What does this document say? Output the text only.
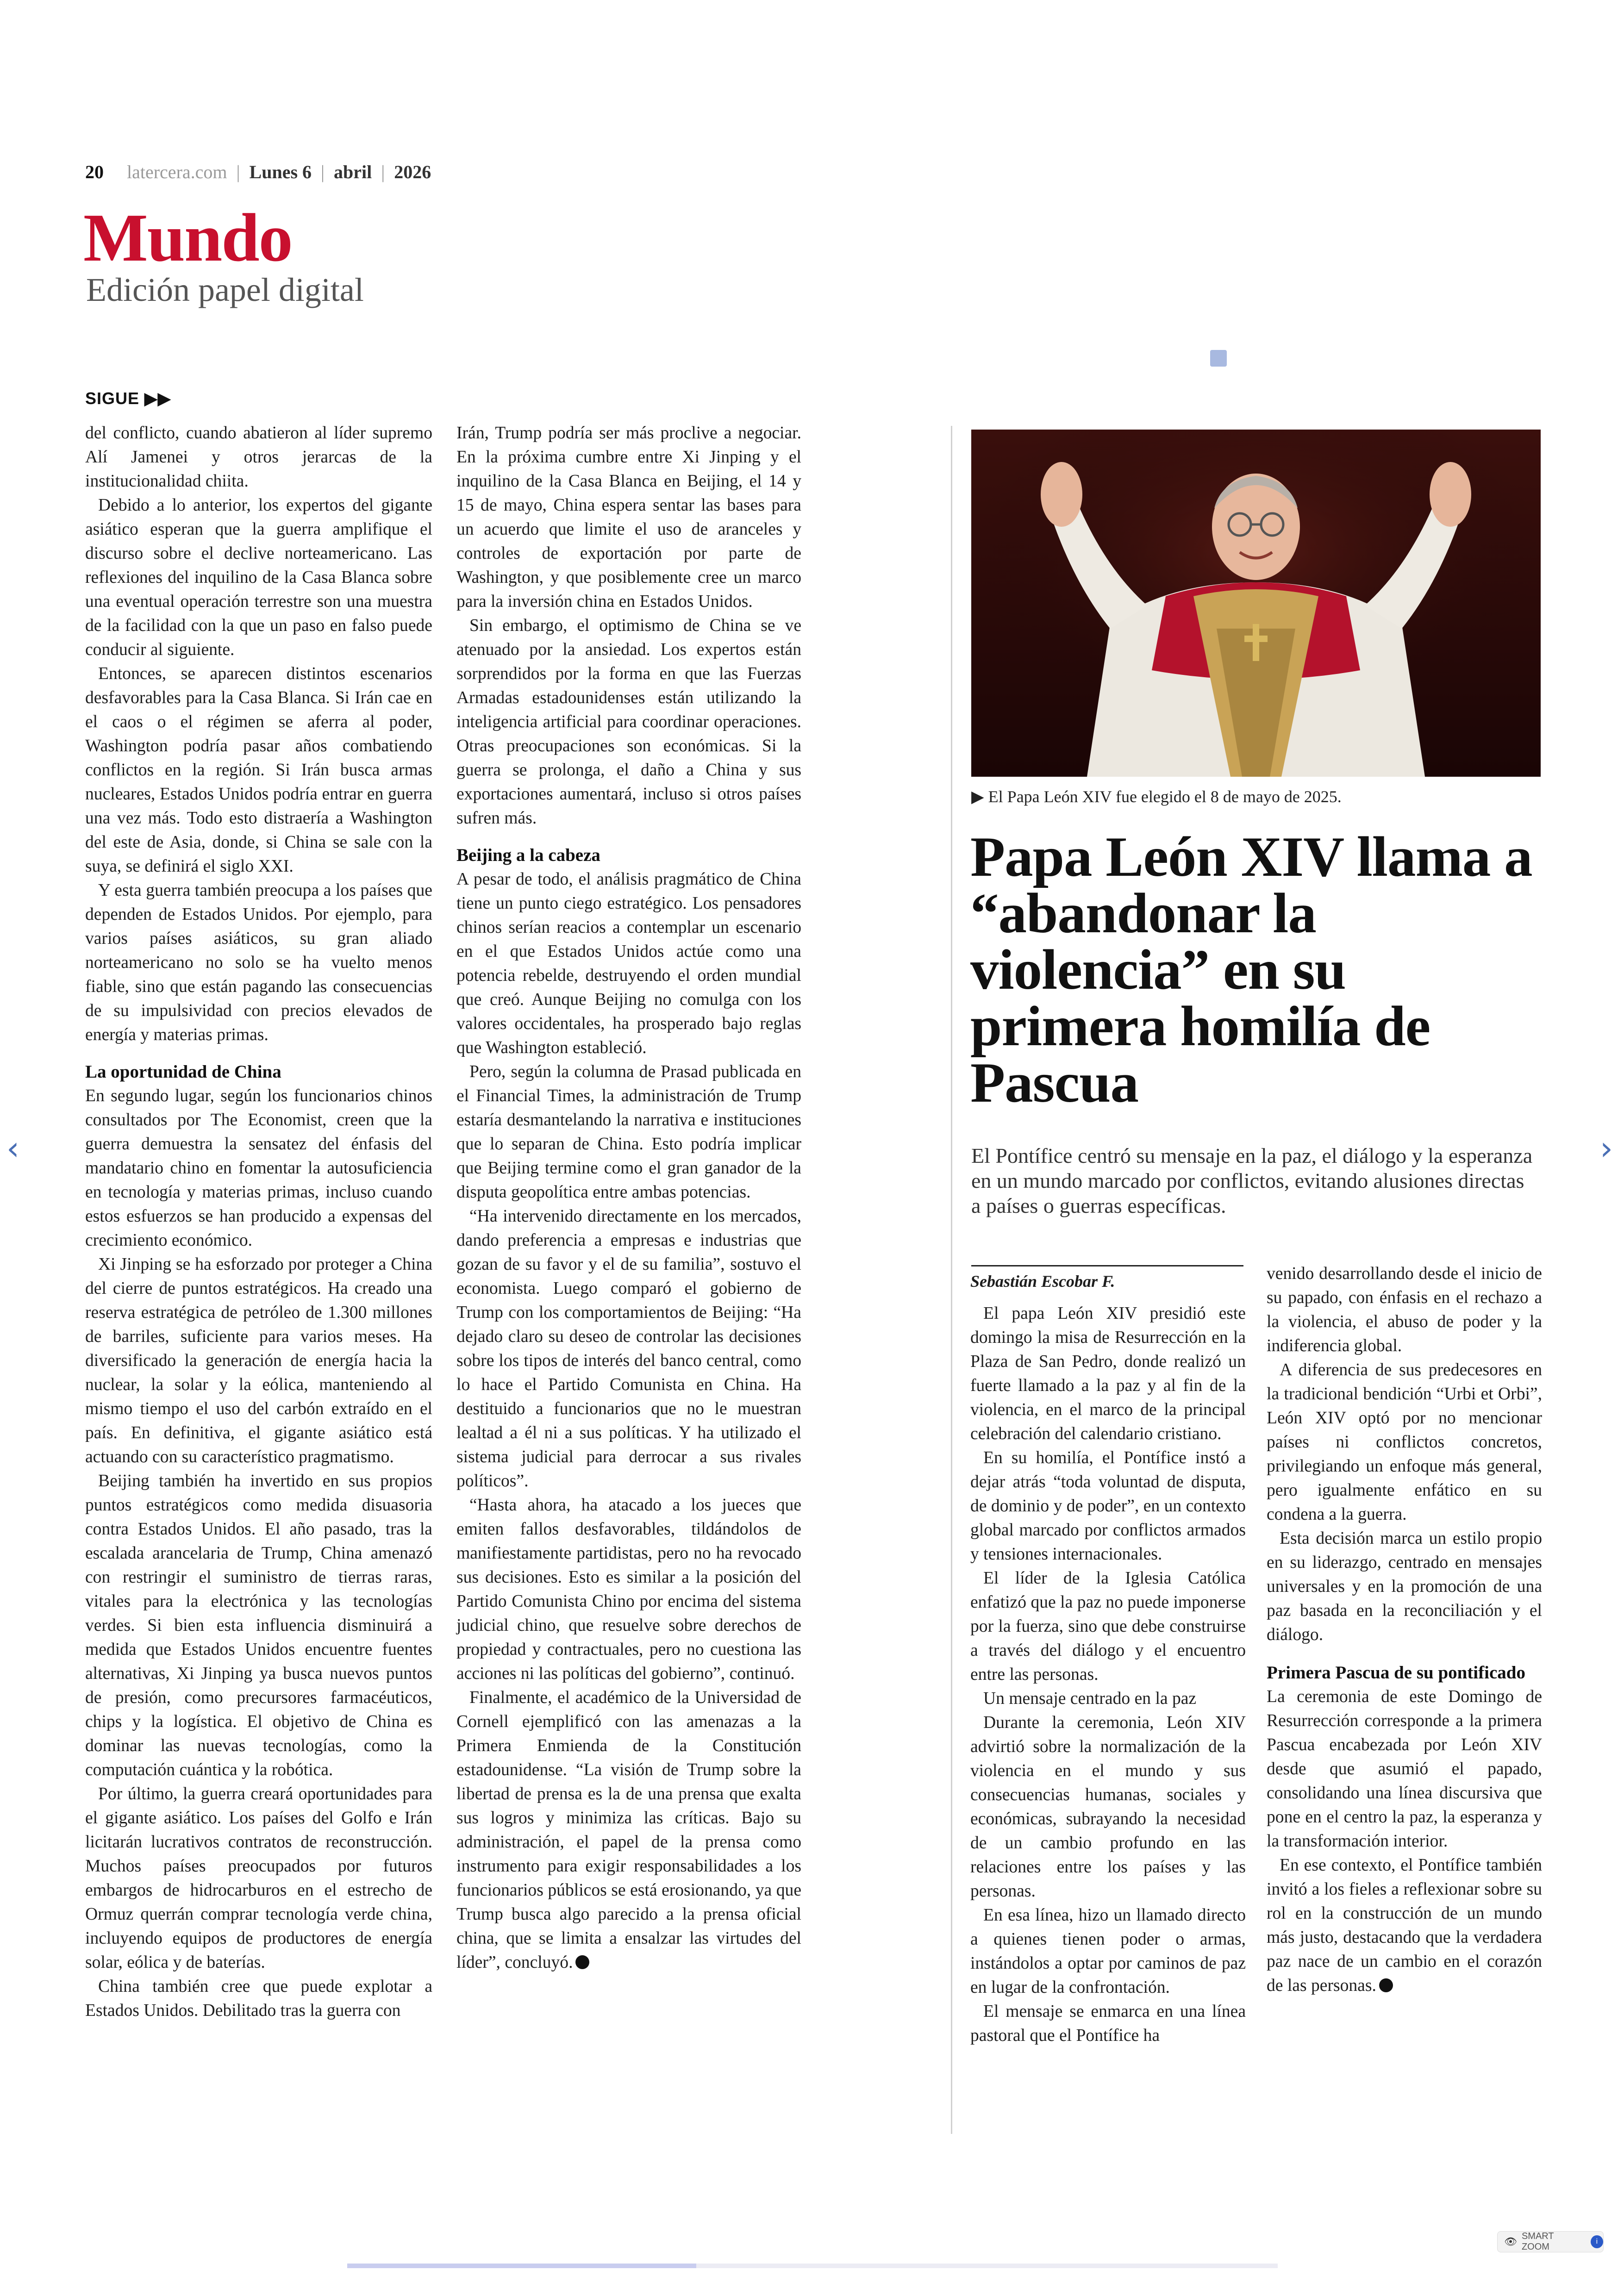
20 latercera.com | Lunes 6 | abril | 2026
Mundo
Edición papel digital
SIGUE ▶▶

del conflicto, cuando abatieron al líder supremo Alí Jamenei y otros jerarcas de la institucionalidad chiita.

Debido a lo anterior, los expertos del gigante asiático esperan que la guerra amplifique el discurso sobre el declive norteamericano. Las reflexiones del inquilino de la Casa Blanca sobre una eventual operación terrestre son una muestra de la facilidad con la que un paso en falso puede conducir al siguiente.

Entonces, se aparecen distintos escenarios desfavorables para la Casa Blanca. Si Irán cae en el caos o el régimen se aferra al poder, Washington podría pasar años combatiendo conflictos en la región. Si Irán busca armas nucleares, Estados Unidos podría entrar en guerra una vez más. Todo esto distraería a Washington del este de Asia, donde, si China se sale con la suya, se definirá el siglo XXI.

Y esta guerra también preocupa a los países que dependen de Estados Unidos. Por ejemplo, para varios países asiáticos, su gran aliado norteamericano no solo se ha vuelto menos fiable, sino que están pagando las consecuencias de su impulsividad con precios elevados de energía y materias primas.

La oportunidad de China

En segundo lugar, según los funcionarios chinos consultados por The Economist, creen que la guerra demuestra la sensatez del énfasis del mandatario chino en fomentar la autosuficiencia en tecnología y materias primas, incluso cuando estos esfuerzos se han producido a expensas del crecimiento económico.

Xi Jinping se ha esforzado por proteger a China del cierre de puntos estratégicos. Ha creado una reserva estratégica de petróleo de 1.300 millones de barriles, suficiente para varios meses. Ha diversificado la generación de energía hacia la nuclear, la solar y la eólica, manteniendo al mismo tiempo el uso del carbón extraído en el país. En definitiva, el gigante asiático está actuando con su característico pragmatismo.

Beijing también ha invertido en sus propios puntos estratégicos como medida disuasoria contra Estados Unidos. El año pasado, tras la escalada arancelaria de Trump, China amenazó con restringir el suministro de tierras raras, vitales para la electrónica y las tecnologías verdes. Si bien esta influencia disminuirá a medida que Estados Unidos encuentre fuentes alternativas, Xi Jinping ya busca nuevos puntos de presión, como precursores farmacéuticos, chips y la logística. El objetivo de China es dominar las nuevas tecnologías, como la computación cuántica y la robótica.

Por último, la guerra creará oportunidades para el gigante asiático. Los países del Golfo e Irán licitarán lucrativos contratos de reconstrucción. Muchos países preocupados por futuros embargos de hidrocarburos en el estrecho de Ormuz querrán comprar tecnología verde china, incluyendo equipos de productores de energía solar, eólica y de baterías.

China también cree que puede explotar a Estados Unidos. Debilitado tras la guerra con

Irán, Trump podría ser más proclive a negociar. En la próxima cumbre entre Xi Jinping y el inquilino de la Casa Blanca en Beijing, el 14 y 15 de mayo, China espera sentar las bases para un acuerdo que limite el uso de aranceles y controles de exportación por parte de Washington, y que posiblemente cree un marco para la inversión china en Estados Unidos.

Sin embargo, el optimismo de China se ve atenuado por la ansiedad. Los expertos están sorprendidos por la forma en que las Fuerzas Armadas estadounidenses están utilizando la inteligencia artificial para coordinar operaciones. Otras preocupaciones son económicas. Si la guerra se prolonga, el daño a China y sus exportaciones aumentará, incluso si otros países sufren más.

Beijing a la cabeza

A pesar de todo, el análisis pragmático de China tiene un punto ciego estratégico. Los pensadores chinos serían reacios a contemplar un escenario en el que Estados Unidos actúe como una potencia rebelde, destruyendo el orden mundial que creó. Aunque Beijing no comulga con los valores occidentales, ha prosperado bajo reglas que Washington estableció.

Pero, según la columna de Prasad publicada en el Financial Times, la administración de Trump estaría desmantelando la narrativa e instituciones que lo separan de China. Esto podría implicar que Beijing termine como el gran ganador de la disputa geopolítica entre ambas potencias.

“Ha intervenido directamente en los mercados, dando preferencia a empresas e industrias que gozan de su favor y el de su familia”, sostuvo el economista. Luego comparó el gobierno de Trump con los comportamientos de Beijing: “Ha dejado claro su deseo de controlar las decisiones sobre los tipos de interés del banco central, como lo hace el Partido Comunista en China. Ha destituido a funcionarios que no le muestran lealtad a él ni a sus políticas. Y ha utilizado el sistema judicial para derrocar a sus rivales políticos”.

“Hasta ahora, ha atacado a los jueces que emiten fallos desfavorables, tildándolos de manifiestamente partidistas, pero no ha revocado sus decisiones. Esto es similar a la posición del Partido Comunista Chino por encima del sistema judicial chino, que resuelve sobre derechos de propiedad y contractuales, pero no cuestiona las acciones ni las políticas del gobierno”, continuó.

Finalmente, el académico de la Universidad de Cornell ejemplificó con las amenazas a la Primera Enmienda de la Constitución estadounidense. “La visión de Trump sobre la libertad de prensa es la de una prensa que exalta sus logros y minimiza las críticas. Bajo su administración, el papel de la prensa como instrumento para exigir responsabilidades a los funcionarios públicos se está erosionando, ya que Trump busca algo parecido a la prensa oficial china, que se limita a ensalzar las virtudes del líder”, concluyó.

▶ El Papa León XIV fue elegido el 8 de mayo de 2025.
Papa León XIV llama a “abandonar la violencia” en su primera homilía de Pascua
El Pontífice centró su mensaje en la paz, el diálogo y la esperanza en un mundo marcado por conflictos, evitando alusiones directas a países o guerras específicas.

Sebastián Escobar F.

El papa León XIV presidió este domingo la misa de Resurrección en la Plaza de San Pedro, donde realizó un fuerte llamado a la paz y al fin de la violencia, en el marco de la principal celebración del calendario cristiano.

En su homilía, el Pontífice instó a dejar atrás “toda voluntad de disputa, de dominio y de poder”, en un contexto global marcado por conflictos armados y tensiones internacionales.

El líder de la Iglesia Católica enfatizó que la paz no puede imponerse por la fuerza, sino que debe construirse a través del diálogo y el encuentro entre las personas.

Un mensaje centrado en la paz

Durante la ceremonia, León XIV advirtió sobre la normalización de la violencia en el mundo y sus consecuencias humanas, sociales y económicas, subrayando la necesidad de un cambio profundo en las relaciones entre los países y las personas.

En esa línea, hizo un llamado directo a quienes tienen poder o armas, instándolos a optar por caminos de paz en lugar de la confrontación.

El mensaje se enmarca en una línea pastoral que el Pontífice ha

venido desarrollando desde el inicio de su papado, con énfasis en el rechazo a la violencia, el abuso de poder y la indiferencia global.

A diferencia de sus predecesores en la tradicional bendición “Urbi et Orbi”, León XIV optó por no mencionar países ni conflictos concretos, privilegiando un enfoque más general, pero igualmente enfático en su condena a la guerra.

Esta decisión marca un estilo propio en su liderazgo, centrado en mensajes universales y en la promoción de una paz basada en la reconciliación y el diálogo.

Primera Pascua de su pontificado

La ceremonia de este Domingo de Resurrección corresponde a la primera Pascua encabezada por León XIV desde que asumió el papado, consolidando una línea discursiva que pone en el centro la paz, la esperanza y la transformación interior.

En ese contexto, el Pontífice también invitó a los fieles a reflexionar sobre su rol en la construcción de un mundo más justo, destacando que la verdadera paz nace de un cambio en el corazón de las personas.

‹	›
👁 SMART ZOOM
i
